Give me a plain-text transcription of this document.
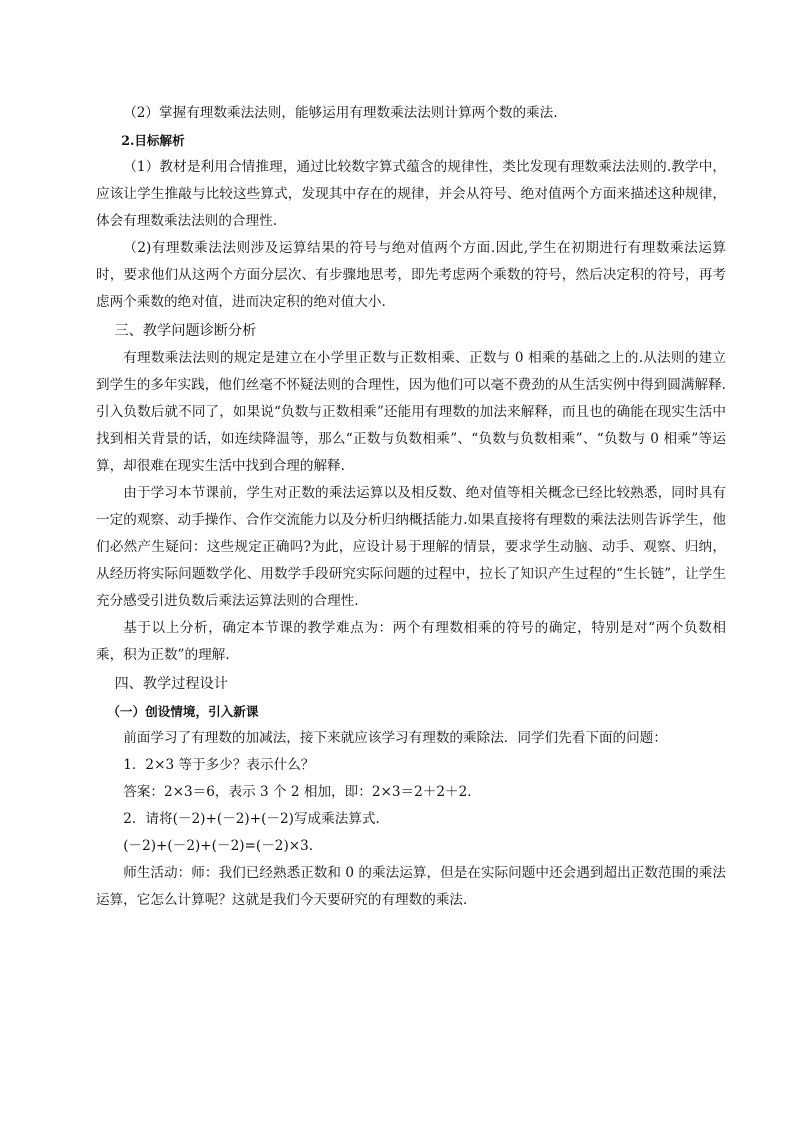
（2）掌握有理数乘法法则，能够运用有理数乘法法则计算两个数的乘法.

2.目标解析

（1）教材是利用合情推理，通过比较数字算式蕴含的规律性，类比发现有理数乘法法则的.教学中，应该让学生推敲与比较这些算式，发现其中存在的规律，并会从符号、绝对值两个方面来描述这种规律，体会有理数乘法法则的合理性.

（2)有理数乘法法则涉及运算结果的符号与绝对值两个方面.因此,学生在初期进行有理数乘法运算时，要求他们从这两个方面分层次、有步骤地思考，即先考虑两个乘数的符号，然后决定积的符号，再考虑两个乘数的绝对值，进而决定积的绝对值大小.

三、教学问题诊断分析

有理数乘法法则的规定是建立在小学里正数与正数相乘、正数与 0 相乘的基础之上的.从法则的建立到学生的多年实践，他们丝毫不怀疑法则的合理性，因为他们可以毫不费劲的从生活实例中得到圆满解释.引入负数后就不同了，如果说“负数与正数相乘”还能用有理数的加法来解释，而且也的确能在现实生活中找到相关背景的话，如连续降温等，那么“正数与负数相乘”、“负数与负数相乘”、“负数与 0 相乘”等运算，却很难在现实生活中找到合理的解释.

由于学习本节课前，学生对正数的乘法运算以及相反数、绝对值等相关概念已经比较熟悉，同时具有一定的观察、动手操作、合作交流能力以及分析归纳概括能力.如果直接将有理数的乘法法则告诉学生，他们必然产生疑问：这些规定正确吗?为此，应设计易于理解的情景，要求学生动脑、动手、观察、归纳，从经历将实际问题数学化、用数学手段研究实际问题的过程中，拉长了知识产生过程的“生长链”，让学生充分感受引进负数后乘法运算法则的合理性.

基于以上分析，确定本节课的教学难点为：两个有理数相乘的符号的确定，特别是对“两个负数相乘，积为正数”的理解.

四、教学过程设计

（一）创设情境，引入新课

前面学习了有理数的加减法，接下来就应该学习有理数的乘除法．同学们先看下面的问题：

1．2×3 等于多少？表示什么？

答案：2×3＝6，表示 3 个 2 相加，即：2×3＝2＋2＋2．

2．请将(－2)+(－2)+(－2)写成乘法算式.

(－2)+(－2)+(－2)=(－2)×3.

师生活动：师：我们已经熟悉正数和 0 的乘法运算，但是在实际问题中还会遇到超出正数范围的乘法运算，它怎么计算呢？这就是我们今天要研究的有理数的乘法．
